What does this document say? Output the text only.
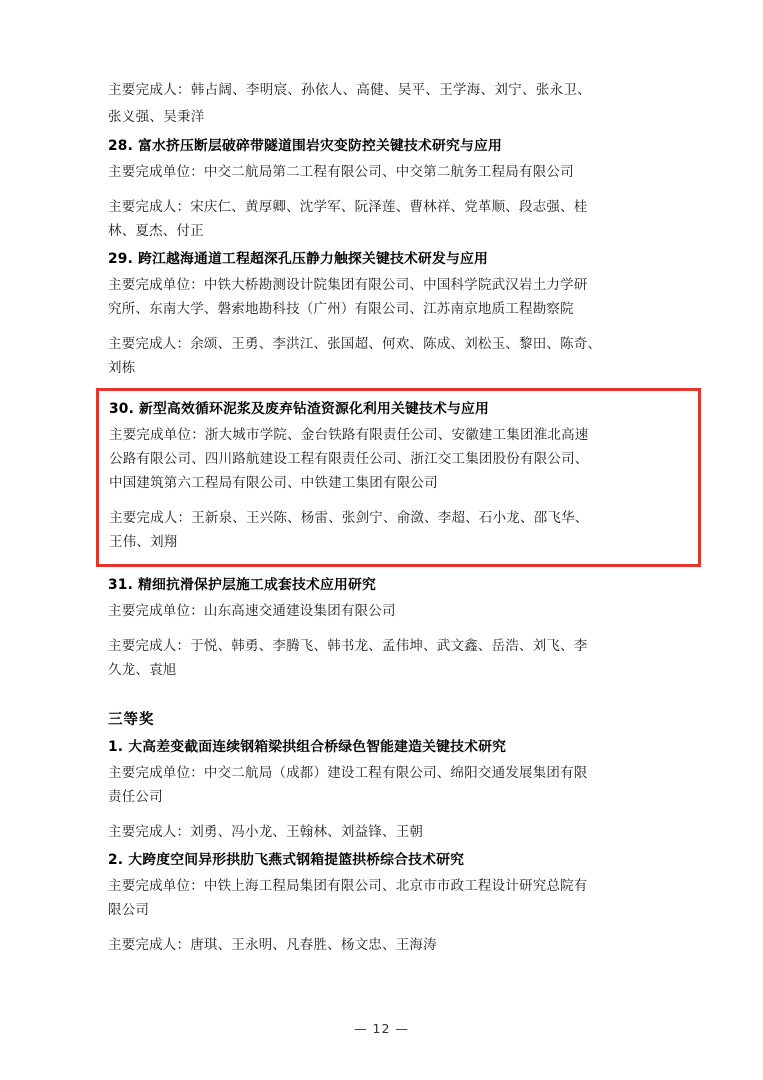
主要完成人：韩占阔、李明宸、孙依人、高健、吴平、王学海、刘宁、张永卫、

张义强、吴秉洋

28. 富水挤压断层破碎带隧道围岩灾变防控关键技术研究与应用
主要完成单位：中交二航局第二工程有限公司、中交第二航务工程局有限公司
主要完成人：宋庆仁、黄厚卿、沈学军、阮泽莲、曹林祥、党革顺、段志强、桂
林、夏杰、付正
29. 跨江越海通道工程超深孔压静力触探关键技术研发与应用
主要完成单位：中铁大桥勘测设计院集团有限公司、中国科学院武汉岩土力学研
究所、东南大学、磐索地勘科技（广州）有限公司、江苏南京地质工程勘察院
主要完成人：余颂、王勇、李洪江、张国超、何欢、陈成、刘松玉、黎田、陈奇、
刘栋
30. 新型高效循环泥浆及废弃钻渣资源化利用关键技术与应用
主要完成单位：浙大城市学院、金台铁路有限责任公司、安徽建工集团淮北高速
公路有限公司、四川路航建设工程有限责任公司、浙江交工集团股份有限公司、
中国建筑第六工程局有限公司、中铁建工集团有限公司
主要完成人：王新泉、王兴陈、杨雷、张剑宁、俞潋、李超、石小龙、邵飞华、
王伟、刘翔
31. 精细抗滑保护层施工成套技术应用研究
主要完成单位：山东高速交通建设集团有限公司
主要完成人：于悦、韩勇、李腾飞、韩书龙、孟伟坤、武文鑫、岳浩、刘飞、李
久龙、袁旭
三等奖
1. 大高差变截面连续钢箱梁拱组合桥绿色智能建造关键技术研究
主要完成单位：中交二航局（成都）建设工程有限公司、绵阳交通发展集团有限
责任公司
主要完成人：刘勇、冯小龙、王翰林、刘益锋、王朝
2. 大跨度空间异形拱肋飞燕式钢箱提篮拱桥综合技术研究
主要完成单位：中铁上海工程局集团有限公司、北京市市政工程设计研究总院有
限公司
主要完成人：唐琪、王永明、凡春胜、杨文忠、王海涛
— 12 —
